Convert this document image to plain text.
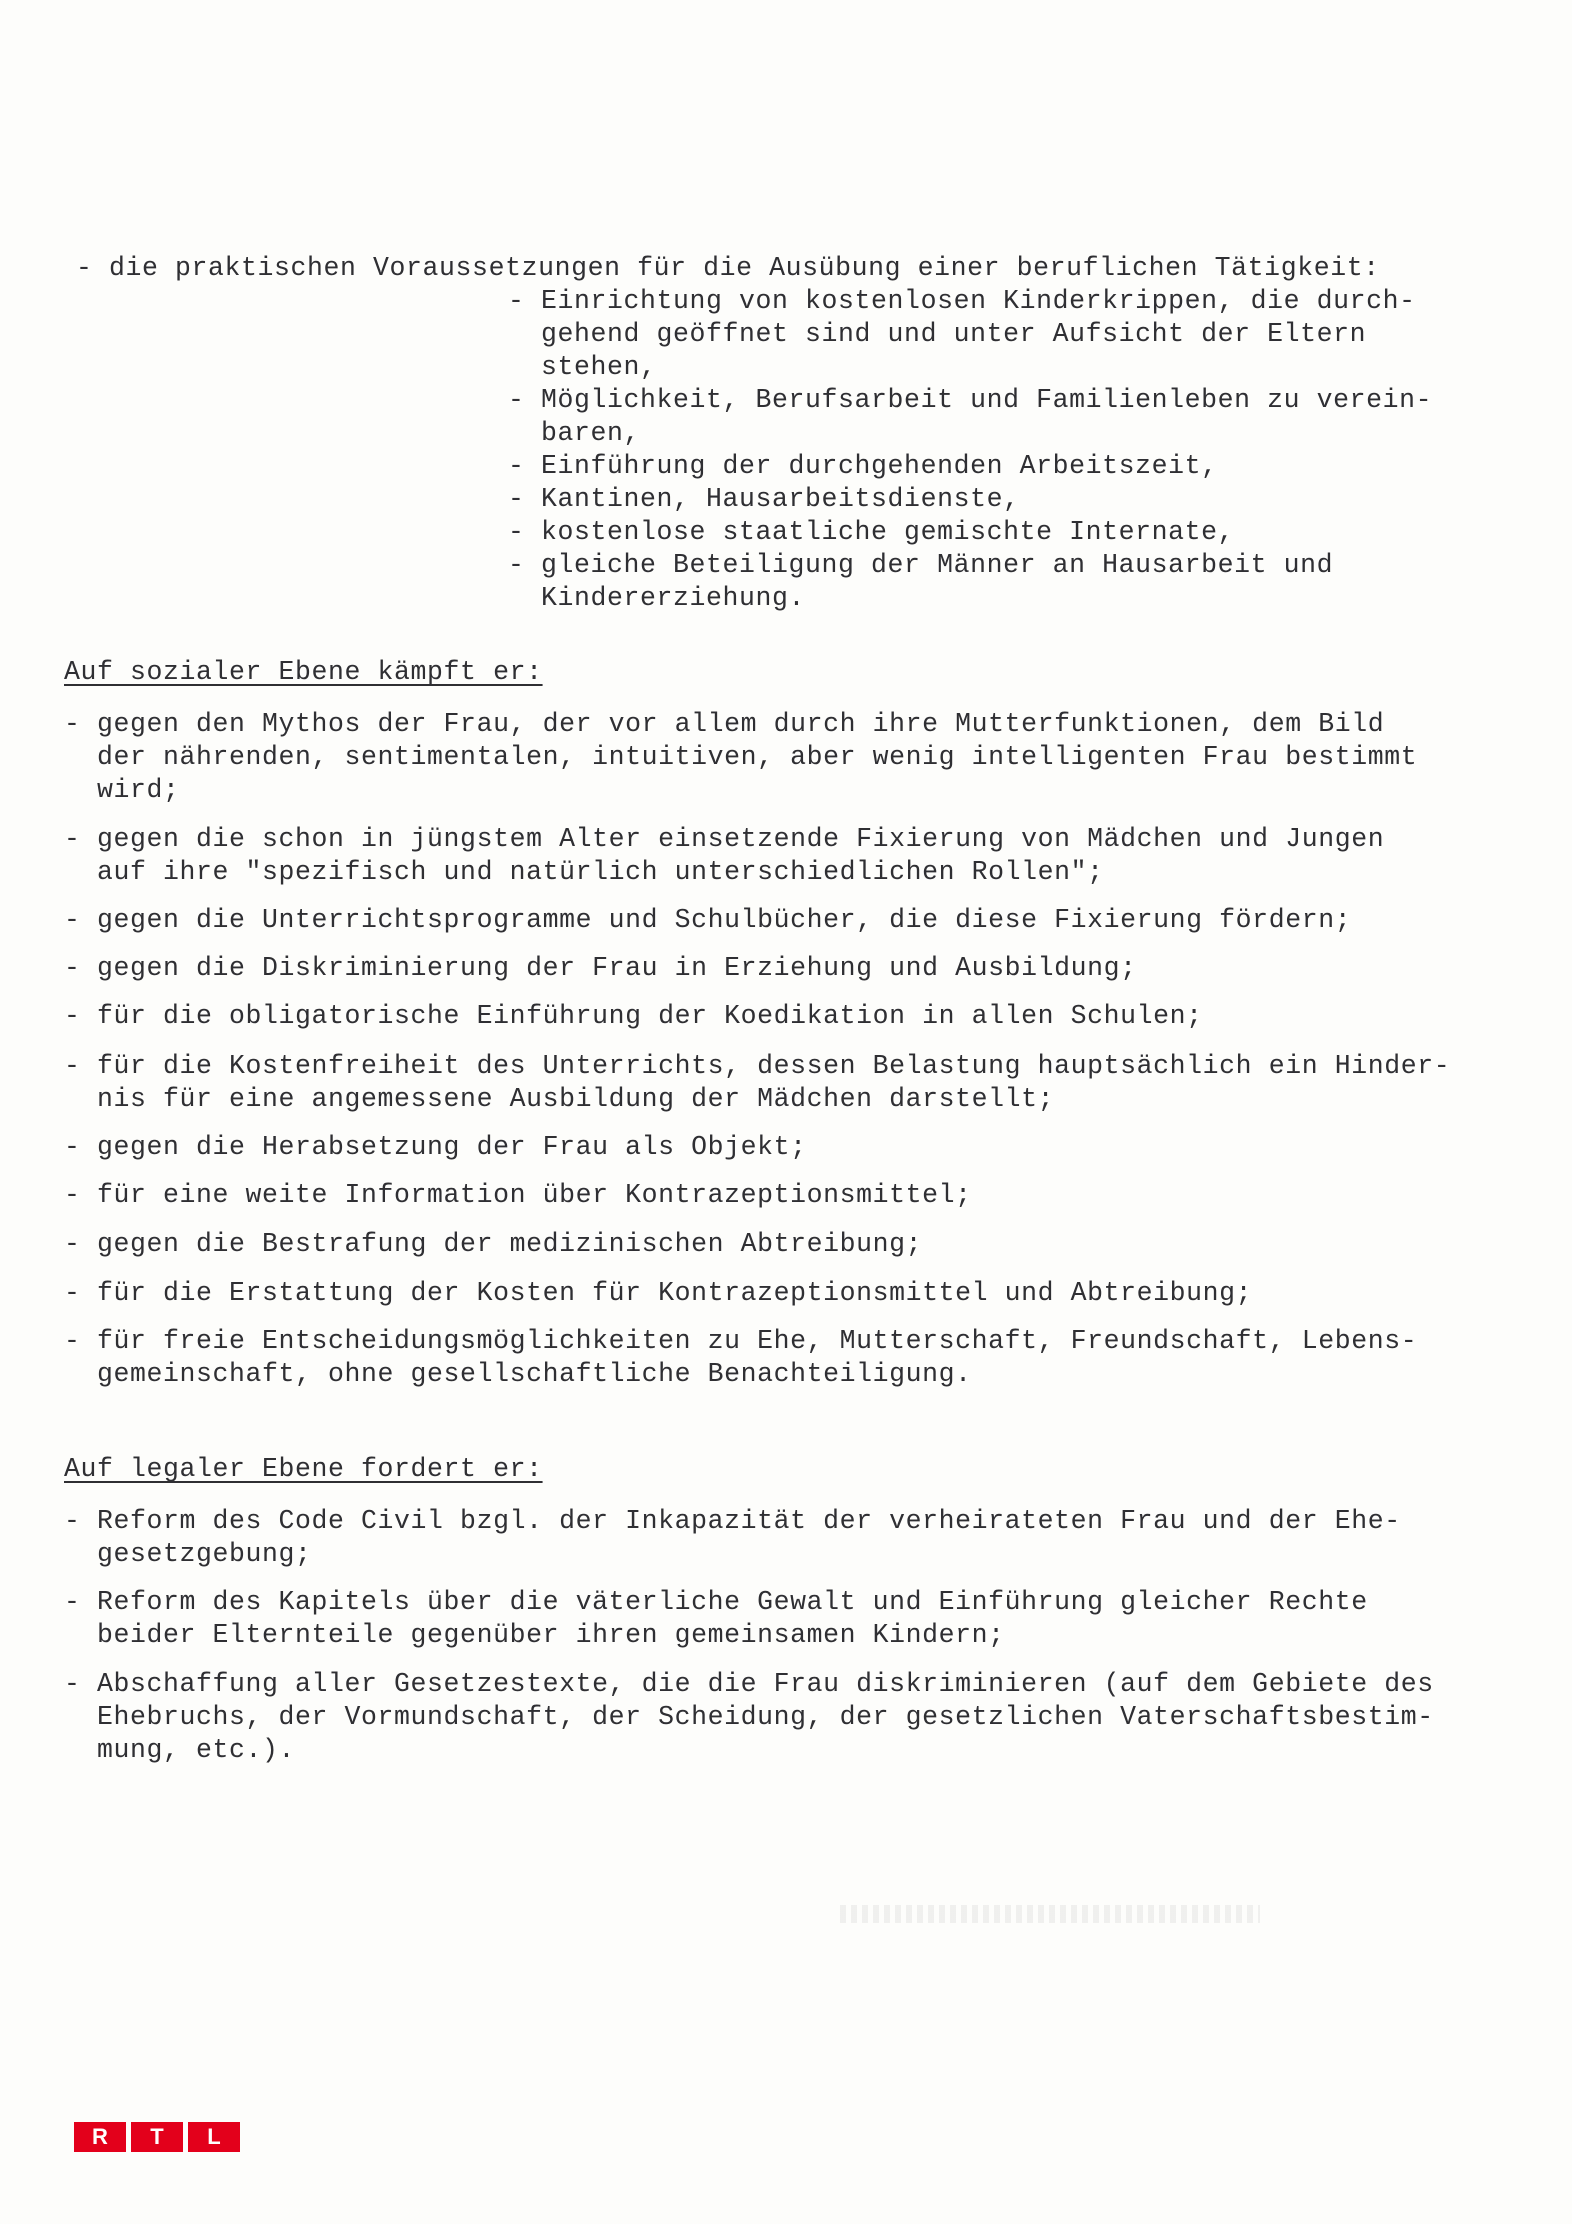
- die praktischen Voraussetzungen für die Ausübung einer beruflichen Tätigkeit:
- Einrichtung von kostenlosen Kinderkrippen, die durch-
gehend geöffnet sind und unter Aufsicht der Eltern
stehen,
- Möglichkeit, Berufsarbeit und Familienleben zu verein-
baren,
- Einführung der durchgehenden Arbeitszeit,
- Kantinen, Hausarbeitsdienste,
- kostenlose staatliche gemischte Internate,
- gleiche Beteiligung der Männer an Hausarbeit und
Kindererziehung.
Auf sozialer Ebene kämpft er:
- gegen den Mythos der Frau, der vor allem durch ihre Mutterfunktionen, dem Bild
der nährenden, sentimentalen, intuitiven, aber wenig intelligenten Frau bestimmt
wird;
- gegen die schon in jüngstem Alter einsetzende Fixierung von Mädchen und Jungen
auf ihre "spezifisch und natürlich unterschiedlichen Rollen";
- gegen die Unterrichtsprogramme und Schulbücher, die diese Fixierung fördern;
- gegen die Diskriminierung der Frau in Erziehung und Ausbildung;
- für die obligatorische Einführung der Koedikation in allen Schulen;
- für die Kostenfreiheit des Unterrichts, dessen Belastung hauptsächlich ein Hinder-
nis für eine angemessene Ausbildung der Mädchen darstellt;
- gegen die Herabsetzung der Frau als Objekt;
- für eine weite Information über Kontrazeptionsmittel;
- gegen die Bestrafung der medizinischen Abtreibung;
- für die Erstattung der Kosten für Kontrazeptionsmittel und Abtreibung;
- für freie Entscheidungsmöglichkeiten zu Ehe, Mutterschaft, Freundschaft, Lebens-
gemeinschaft, ohne gesellschaftliche Benachteiligung.
Auf legaler Ebene fordert er:
- Reform des Code Civil bzgl. der Inkapazität der verheirateten Frau und der Ehe-
gesetzgebung;
- Reform des Kapitels über die väterliche Gewalt und Einführung gleicher Rechte
beider Elternteile gegenüber ihren gemeinsamen Kindern;
- Abschaffung aller Gesetzestexte, die die Frau diskriminieren (auf dem Gebiete des
Ehebruchs, der Vormundschaft, der Scheidung, der gesetzlichen Vaterschaftsbestim-
mung, etc.).
R	T	L
